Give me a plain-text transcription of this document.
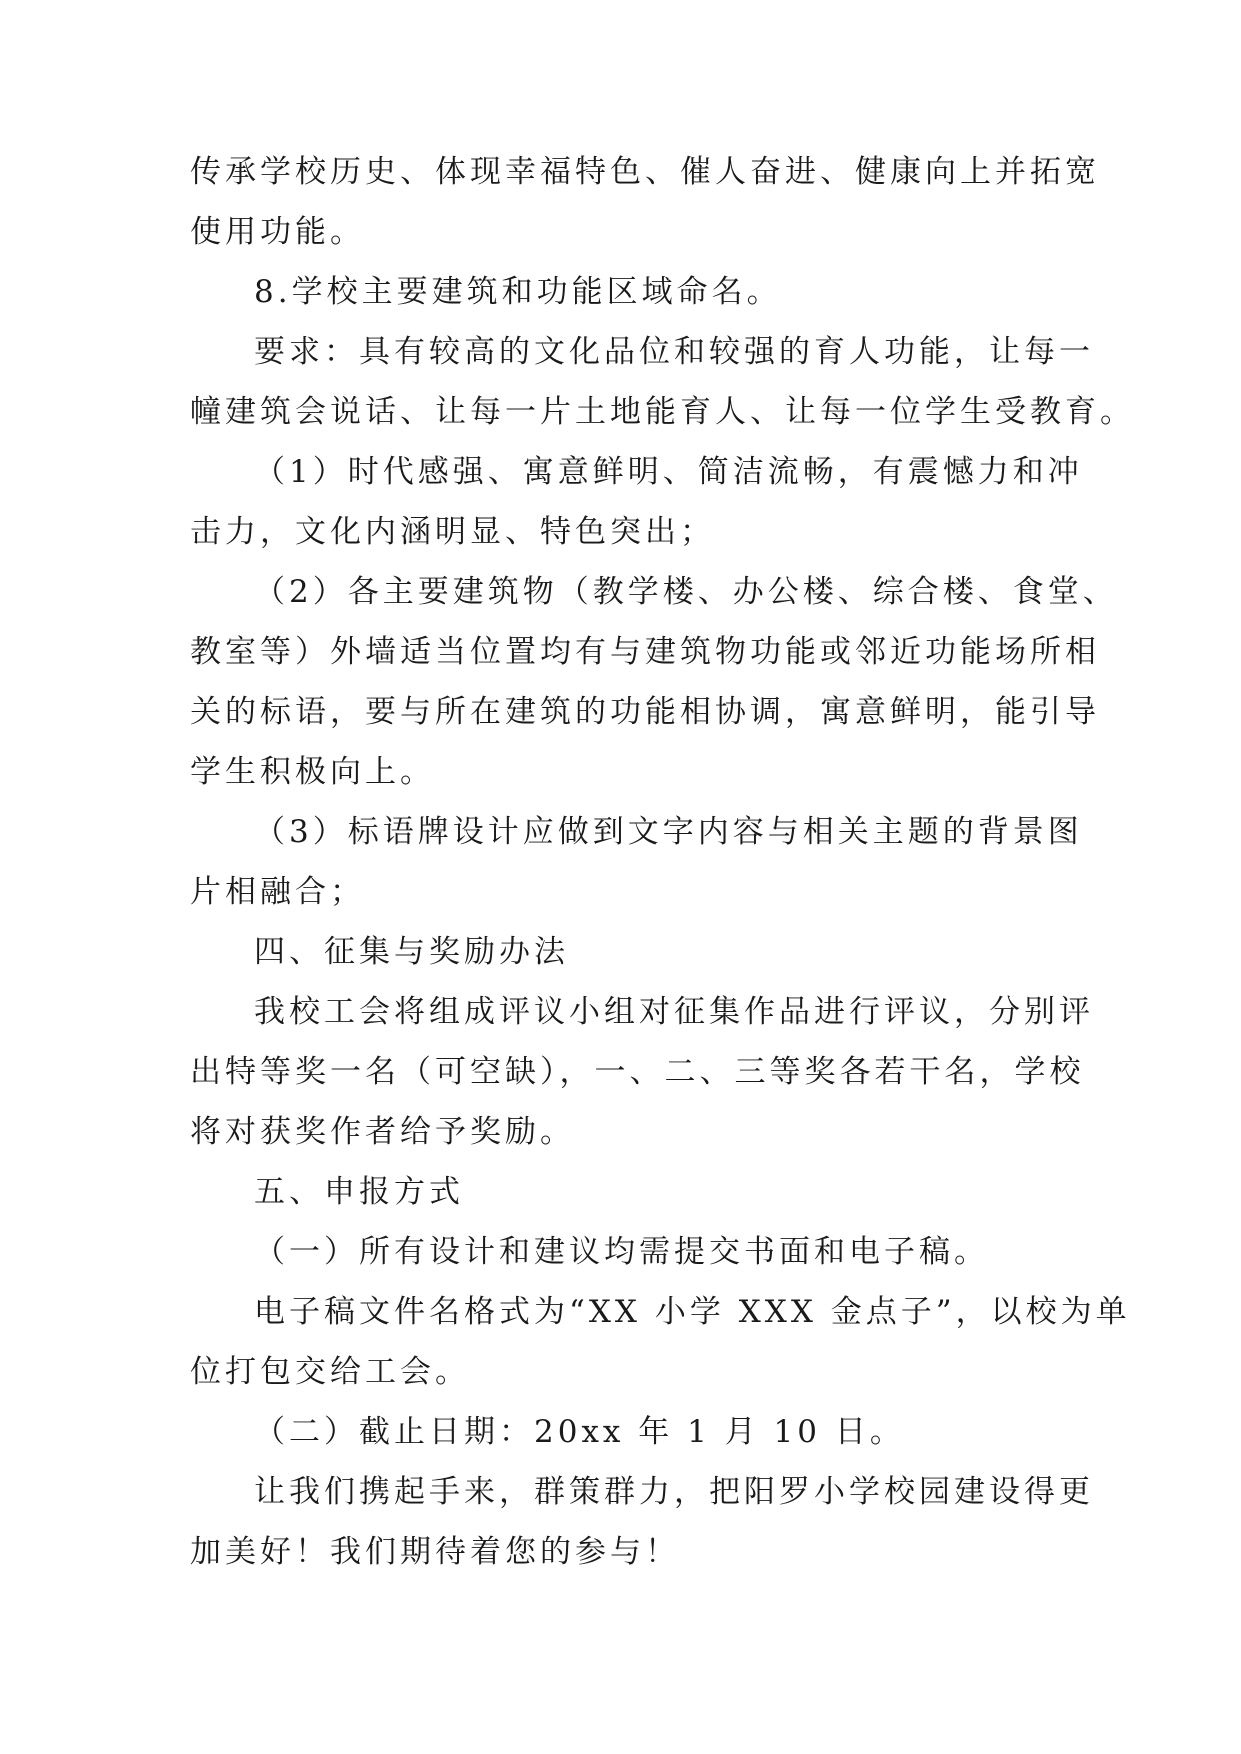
传承学校历史、体现幸福特色、催人奋进、健康向上并拓宽
使用功能。
8.学校主要建筑和功能区域命名。
要求：具有较高的文化品位和较强的育人功能，让每一
幢建筑会说话、让每一片土地能育人、让每一位学生受教育。
（1）时代感强、寓意鲜明、简洁流畅，有震憾力和冲
击力，文化内涵明显、特色突出；
（2）各主要建筑物（教学楼、办公楼、综合楼、食堂、
教室等）外墙适当位置均有与建筑物功能或邻近功能场所相
关的标语，要与所在建筑的功能相协调，寓意鲜明，能引导
学生积极向上。
（3）标语牌设计应做到文字内容与相关主题的背景图
片相融合；
四、征集与奖励办法
我校工会将组成评议小组对征集作品进行评议，分别评
出特等奖一名（可空缺），一、二、三等奖各若干名，学校
将对获奖作者给予奖励。
五、申报方式
（一）所有设计和建议均需提交书面和电子稿。
电子稿文件名格式为“XX 小学 XXX 金点子”，以校为单
位打包交给工会。
（二）截止日期：20xx 年 1 月 10 日。
让我们携起手来，群策群力，把阳罗小学校园建设得更
加美好！我们期待着您的参与！
